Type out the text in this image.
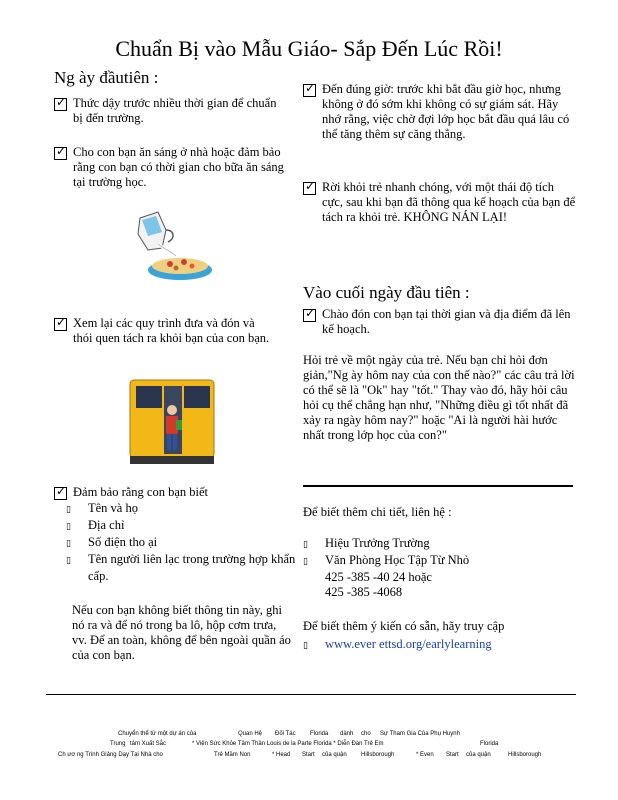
Chuẩn Bị vào Mẫu Giáo- Sắp Đến Lúc Rồi!
Ng ày đầutiên :
✓
Thức dậy trước nhiều thời gian để chuẩn bị đến trường.
✓
Cho con bạn ăn sáng ở nhà hoặc đảm bảo rằng con bạn có thời gian cho bữa ăn sáng tại trường học.
✓
Xem lại các quy trình đưa và đón và thói quen tách ra khỏi bạn của con bạn.
✓
Đảm bảo rằng con bạn biết
▯ Tên và họ
▯ Địa chỉ
▯ Số điện tho ại
▯ Tên người liên lạc trong trường hợp khẩn cấp.
Nếu con bạn không biết thông tin này, ghi nó ra và để nó trong ba lô, hộp cơm trưa, vv. Để an toàn, không để bên ngoài quần áo của con bạn.
✓
Đến đúng giờ: trước khi bắt đầu giờ học, nhưng không ở đó sớm khi không có sự giám sát. Hãy nhớ rằng, việc chờ đợi lớp học bắt đầu quá lâu có thể tăng thêm sự căng thẳng.
✓
Rời khỏi trẻ nhanh chóng, với một thái độ tích cực, sau khi bạn đã thông qua kế hoạch của bạn để tách ra khỏi trẻ. KHÔNG NÁN LẠI!
Vào cuối ngày đầu tiên :
✓
Chào đón con bạn tại thời gian và địa điểm đã lên kế hoạch.
Hỏi trẻ về một ngày của trẻ. Nếu bạn chỉ hỏi đơn giản,"Ng ày hôm nay của con thế nào?" các câu trả lời có thể sẽ là "Ok" hay "tốt." Thay vào đó, hãy hỏi câu hỏi cụ thể chẳng hạn như, "Những điều gì tốt nhất đã xảy ra ngày hôm nay?" hoặc "Ai là người hài hước nhất trong lớp học của con?"
Để biết thêm chi tiết, liên hệ :
▯ Hiệu Trưởng Trường
▯ Văn Phòng Học Tập Từ Nhỏ
425 -385 -40 24 hoặc
425 -385 -4068
Để biết thêm ý kiến có sẵn, hãy truy cập
▯ www.ever ettsd.org/earlylearning
Chuyển thể từ một dự án của	Quan Hệ Đối Tác Florida dành cho Sự Tham Gia Của Phụ Huynh
Trung tâm Xuất Sắc	* Viện Sức Khỏe Tâm Thần Louis de la Parte Florida * Diễn Đàn Trẻ Em	Florida
Ch ươ ng Trình Giảng Dạy Tại Nhà cho	Trẻ Mầm Non	* Head Start của quận Hillsborough	* Even Start của quận	Hillsborough
